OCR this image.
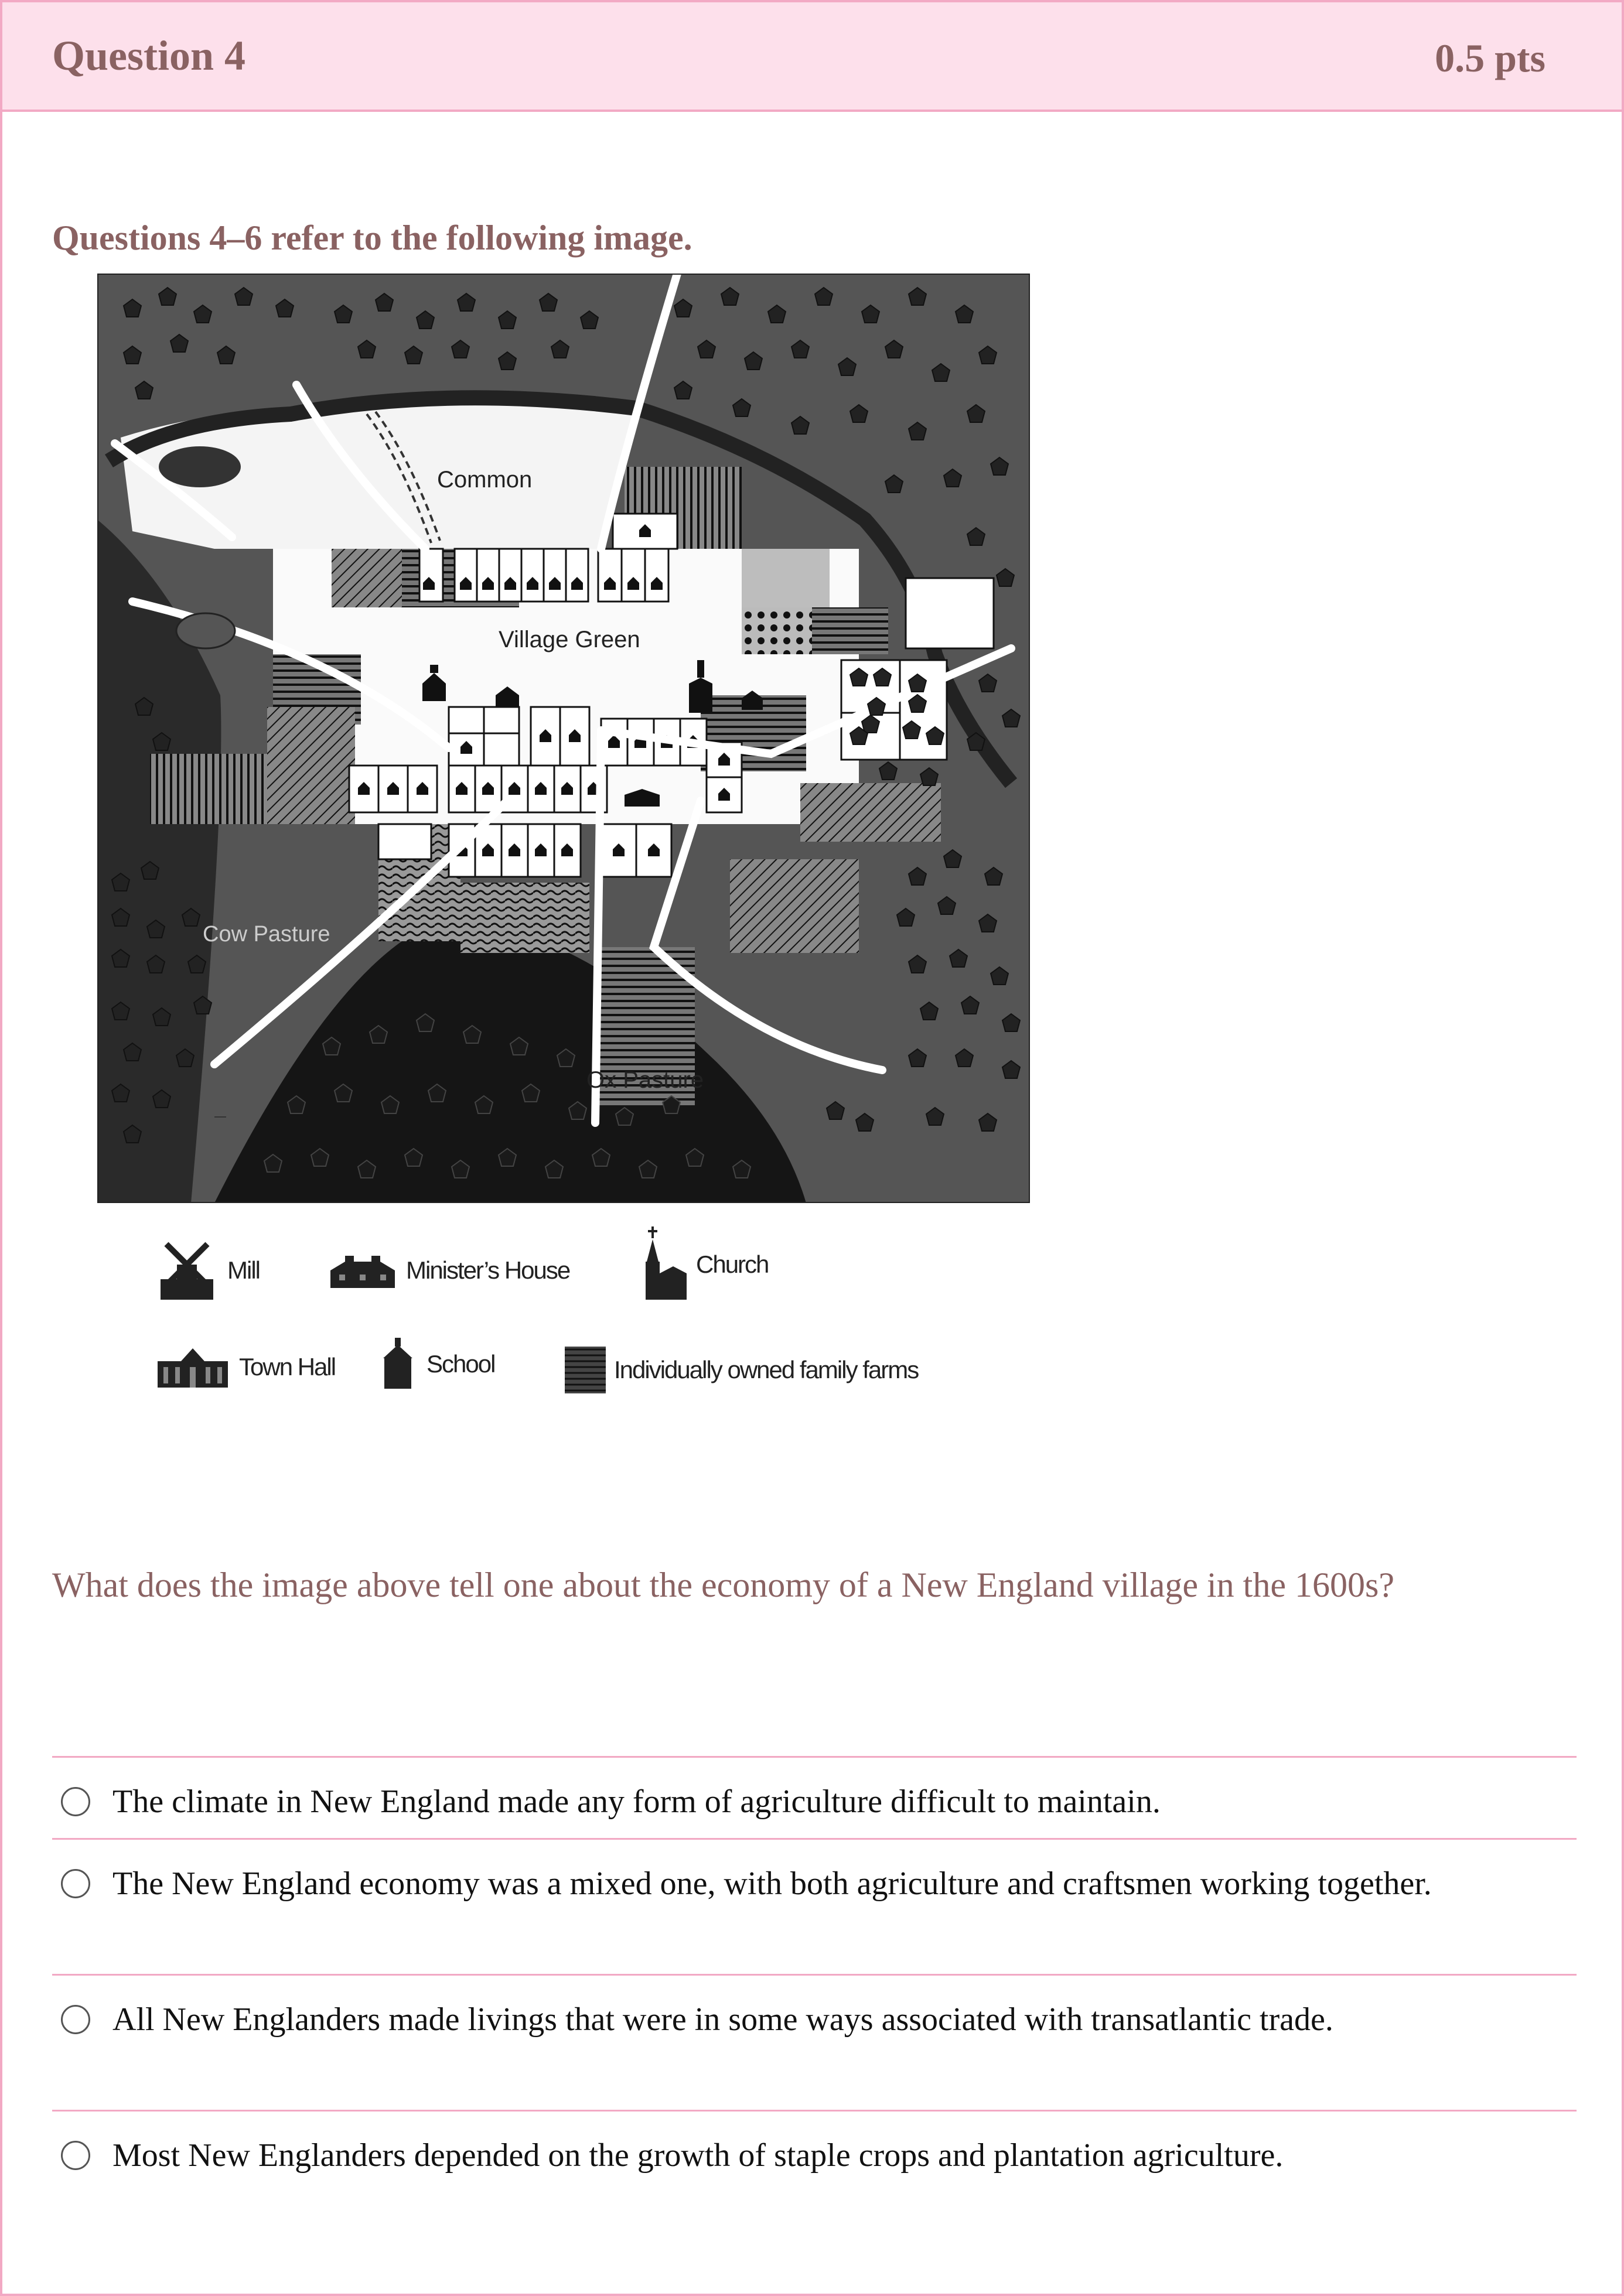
Question 4	0.5 pts
Questions 4–6 refer to the following image.
Common
Village Green
Ox Pasture
Cow Pasture
Mill	Minister’s House	Church
Town Hall	School	Individually owned family farms
What does the image above tell one about the economy of a New England village in the 1600s?
The climate in New England made any form of agriculture difficult to maintain.
The New England economy was a mixed one, with both agriculture and craftsmen working together.
All New Englanders made livings that were in some ways associated with transatlantic trade.
Most New Englanders depended on the growth of staple crops and plantation agriculture.
